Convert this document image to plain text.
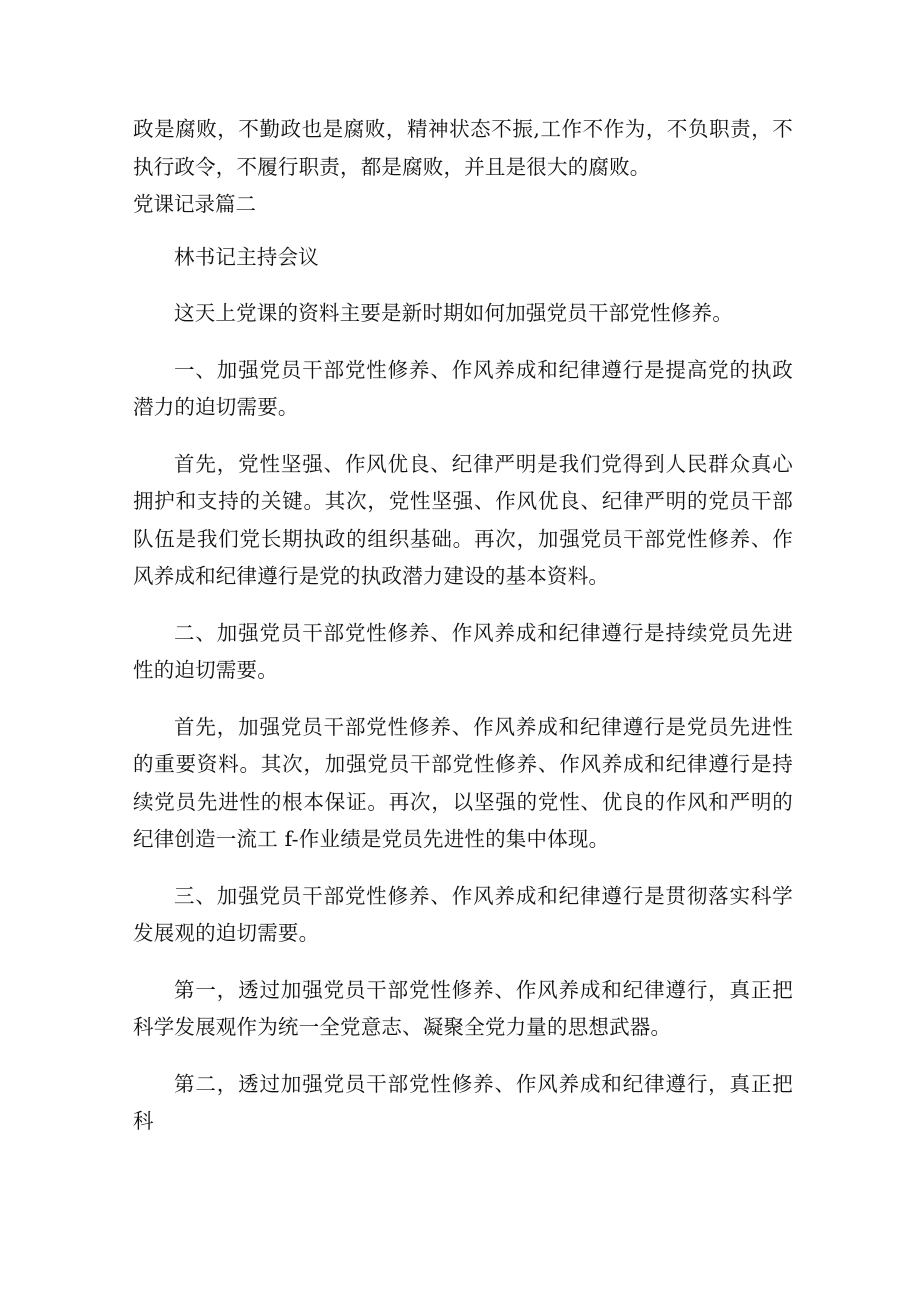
政是腐败，不勤政也是腐败，精神状态不振,工作不作为，不负职责，不执行政令，不履行职责，都是腐败，并且是很大的腐败。

党课记录篇二

林书记主持会议

这天上党课的资料主要是新时期如何加强党员干部党性修养。

一、加强党员干部党性修养、作风养成和纪律遵行是提高党的执政潜力的迫切需要。

首先，党性坚强、作风优良、纪律严明是我们党得到人民群众真心拥护和支持的关键。其次，党性坚强、作风优良、纪律严明的党员干部队伍是我们党长期执政的组织基础。再次，加强党员干部党性修养、作风养成和纪律遵行是党的执政潜力建设的基本资料。

二、加强党员干部党性修养、作风养成和纪律遵行是持续党员先进性的迫切需要。

首先，加强党员干部党性修养、作风养成和纪律遵行是党员先进性的重要资料。其次，加强党员干部党性修养、作风养成和纪律遵行是持续党员先进性的根本保证。再次，以坚强的党性、优良的作风和严明的纪律创造一流工 f-作业绩是党员先进性的集中体现。

三、加强党员干部党性修养、作风养成和纪律遵行是贯彻落实科学发展观的迫切需要。

第一，透过加强党员干部党性修养、作风养成和纪律遵行，真正把科学发展观作为统一全党意志、凝聚全党力量的思想武器。

第二，透过加强党员干部党性修养、作风养成和纪律遵行，真正把科
